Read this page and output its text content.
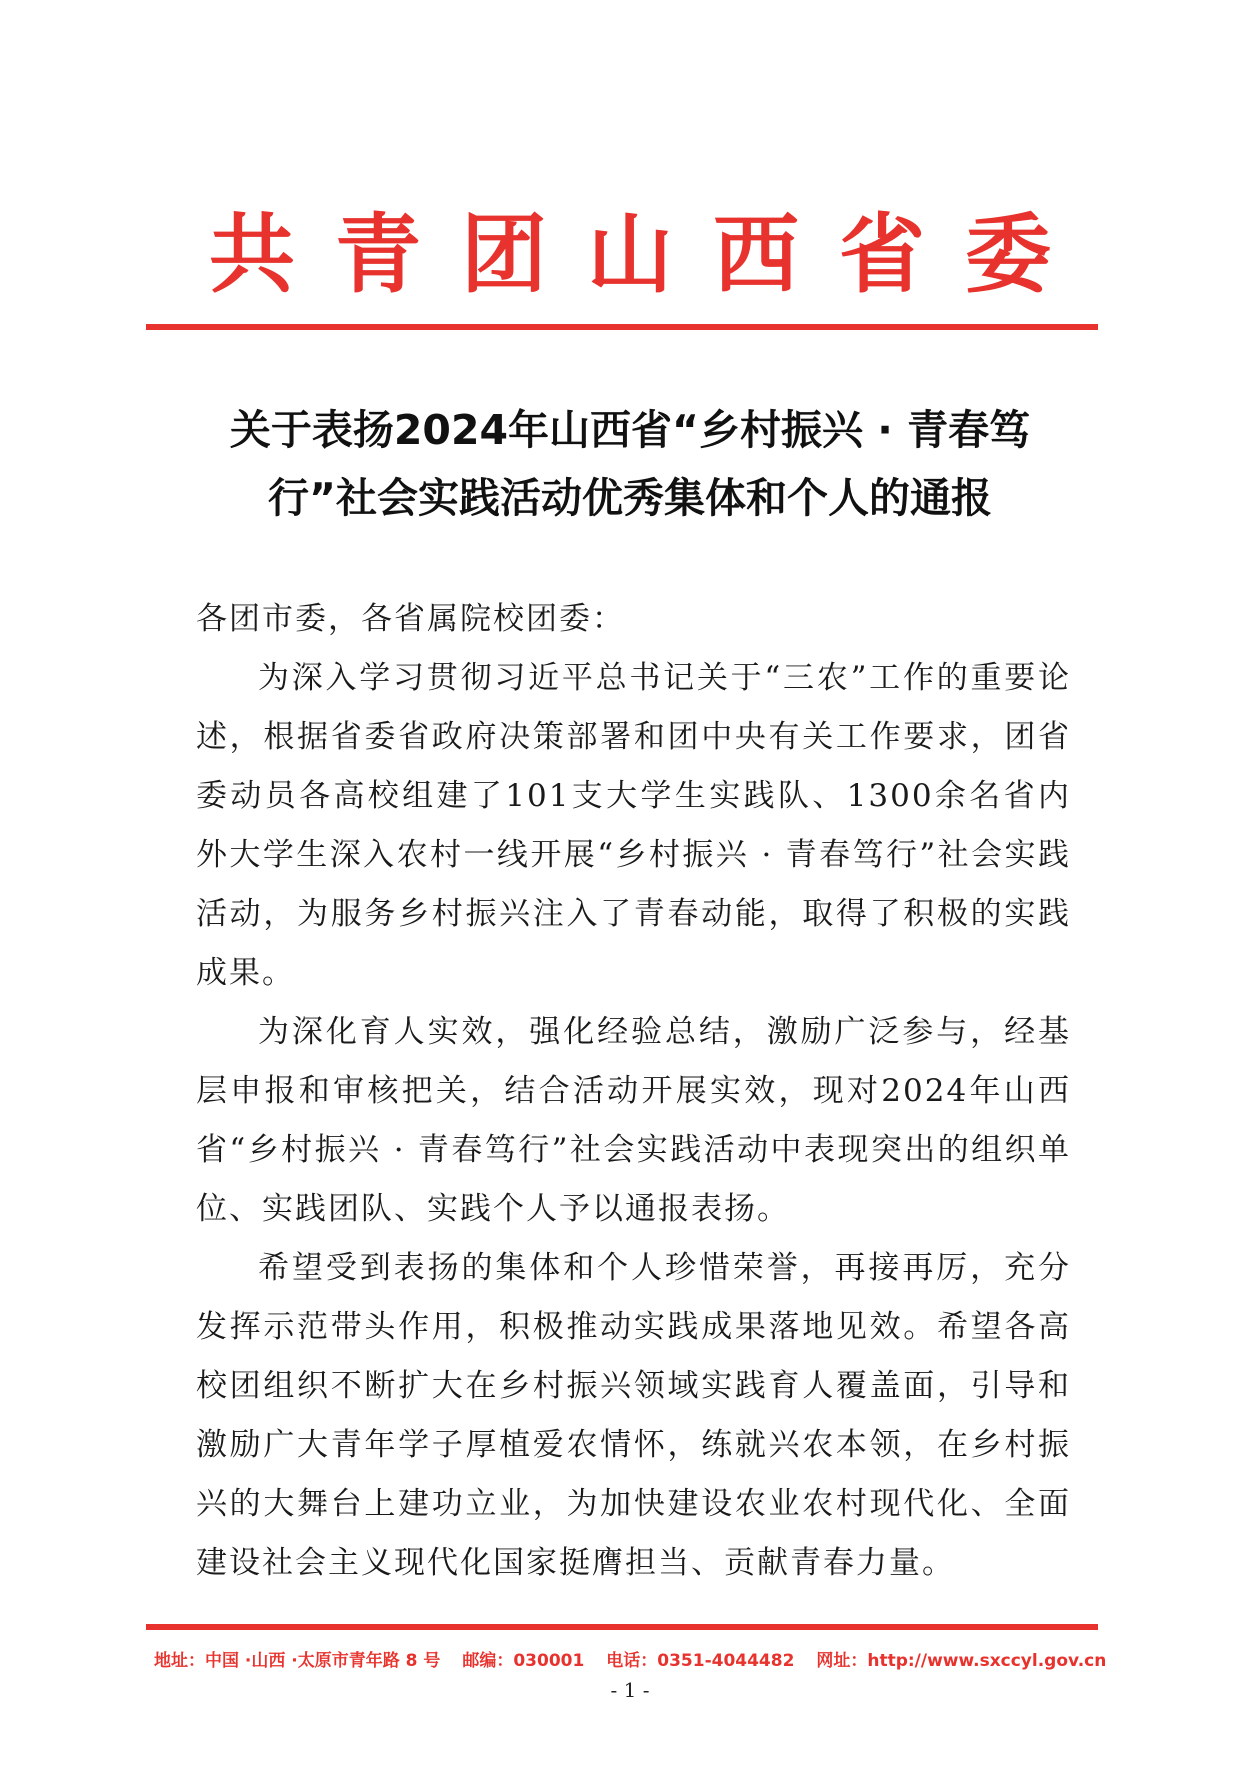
共青团山西省委
关于表扬2024年山西省“乡村振兴 · 青春笃
行”社会实践活动优秀集体和个人的通报

各团市委，各省属院校团委：

为深入学习贯彻习近平总书记关于“三农”工作的重要论述，根据省委省政府决策部署和团中央有关工作要求，团省委动员各高校组建了101支大学生实践队、1300余名省内外大学生深入农村一线开展“乡村振兴 · 青春笃行”社会实践活动，为服务乡村振兴注入了青春动能，取得了积极的实践成果。

为深化育人实效，强化经验总结，激励广泛参与，经基层申报和审核把关，结合活动开展实效，现对2024年山西省“乡村振兴 · 青春笃行”社会实践活动中表现突出的组织单位、实践团队、实践个人予以通报表扬。

希望受到表扬的集体和个人珍惜荣誉，再接再厉，充分发挥示范带头作用，积极推动实践成果落地见效。希望各高校团组织不断扩大在乡村振兴领域实践育人覆盖面，引导和激励广大青年学子厚植爱农情怀，练就兴农本领，在乡村振兴的大舞台上建功立业，为加快建设农业农村现代化、全面建设社会主义现代化国家挺膺担当、贡献青春力量。

地址：中国 ·山西 ·太原市青年路 8 号 邮编：030001 电话：0351-4044482 网址：http://www.sxccyl.gov.cn
- 1 -
